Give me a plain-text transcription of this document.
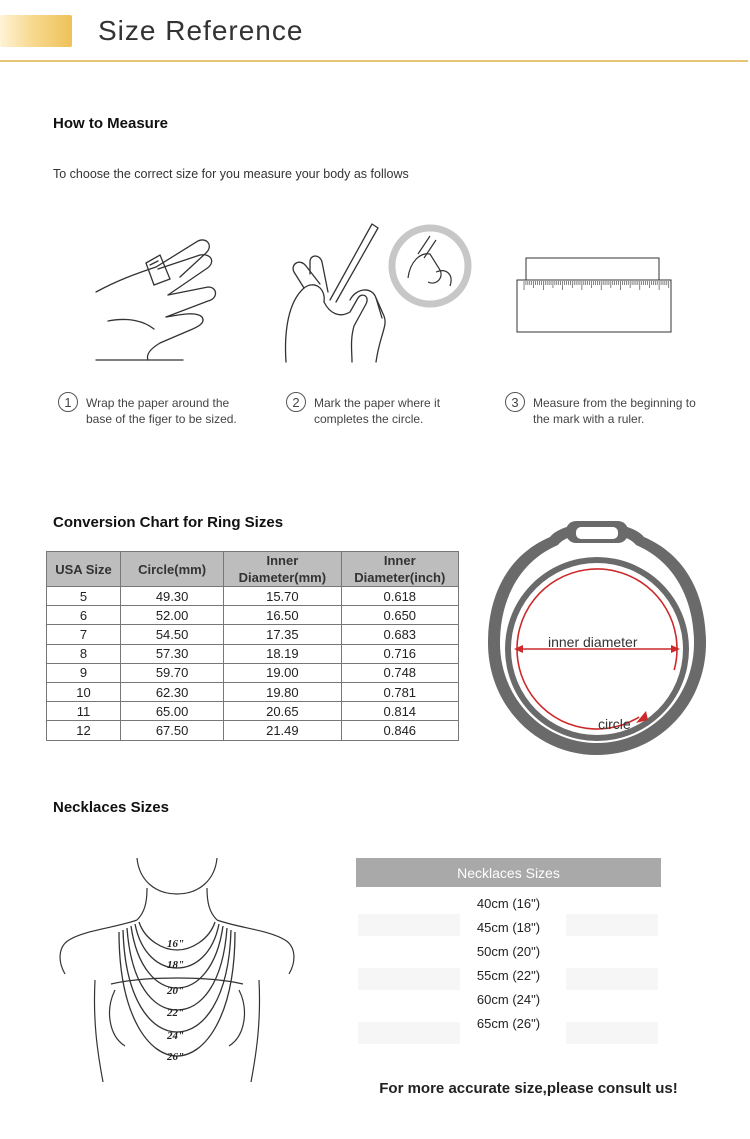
Size Reference
How to Measure
To choose the correct size for you measure your body as follows
1	Wrap the paper around the
base of the figer to be sized.
2	Mark the paper where it
completes the circle.
3	Measure from the beginning to
the mark with a ruler.
Conversion Chart for Ring Sizes
USA Size	Circle(mm)	Inner Diameter(mm)	Inner Diameter(inch)
5	49.30	15.70	0.618
6	52.00	16.50	0.650
7	54.50	17.35	0.683
8	57.30	18.19	0.716
9	59.70	19.00	0.748
10	62.30	19.80	0.781
11	65.00	20.65	0.814
12	67.50	21.49	0.846
inner diameter
circle
Necklaces Sizes
16"
18"
20"
22"
24"
26"
Necklaces Sizes
40cm (16")
45cm (18")
50cm (20")
55cm (22")
60cm (24")
65cm (26")
For more accurate size,please consult us!
